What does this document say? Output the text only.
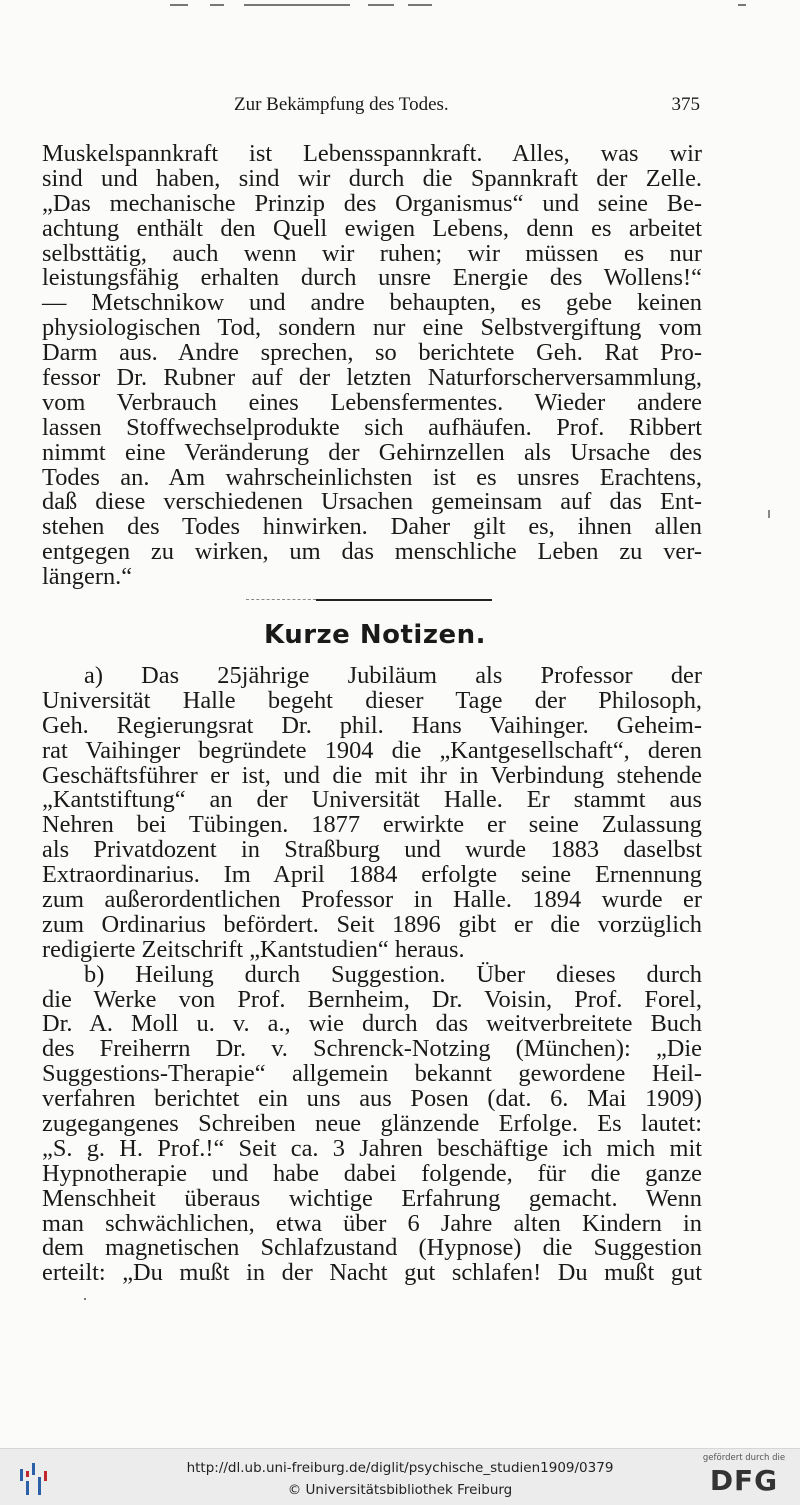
Zur Bekämpfung des Todes.	375
Muskelspannkraft ist Lebensspannkraft. Alles, was wir
sind und haben, sind wir durch die Spannkraft der Zelle.
„Das mechanische Prinzip des Organismus“ und seine Be-
achtung enthält den Quell ewigen Lebens, denn es arbeitet
selbsttätig, auch wenn wir ruhen; wir müssen es nur
leistungsfähig erhalten durch unsre Energie des Wollens!“
— Metschnikow und andre behaupten, es gebe keinen
physiologischen Tod, sondern nur eine Selbstvergiftung vom
Darm aus. Andre sprechen, so berichtete Geh. Rat Pro-
fessor Dr. Rubner auf der letzten Naturforscherversammlung,
vom Verbrauch eines Lebensfermentes. Wieder andere
lassen Stoffwechselprodukte sich aufhäufen. Prof. Ribbert
nimmt eine Veränderung der Gehirnzellen als Ursache des
Todes an. Am wahrscheinlichsten ist es unsres Erachtens,
daß diese verschiedenen Ursachen gemeinsam auf das Ent-
stehen des Todes hinwirken. Daher gilt es, ihnen allen
entgegen zu wirken, um das menschliche Leben zu ver-
längern.“
Kurze Notizen.
a) Das 25jährige Jubiläum als Professor der
Universität Halle begeht dieser Tage der Philosoph,
Geh. Regierungsrat Dr. phil. Hans Vaihinger. Geheim-
rat Vaihinger begründete 1904 die „Kantgesellschaft“, deren
Geschäftsführer er ist, und die mit ihr in Verbindung stehende
„Kantstiftung“ an der Universität Halle. Er stammt aus
Nehren bei Tübingen. 1877 erwirkte er seine Zulassung
als Privatdozent in Straßburg und wurde 1883 daselbst
Extraordinarius. Im April 1884 erfolgte seine Ernennung
zum außerordentlichen Professor in Halle. 1894 wurde er
zum Ordinarius befördert. Seit 1896 gibt er die vorzüglich
redigierte Zeitschrift „Kantstudien“ heraus.
b) Heilung durch Suggestion. Über dieses durch
die Werke von Prof. Bernheim, Dr. Voisin, Prof. Forel,
Dr. A. Moll u. v. a., wie durch das weitverbreitete Buch
des Freiherrn Dr. v. Schrenck-Notzing (München): „Die
Suggestions-Therapie“ allgemein bekannt gewordene Heil-
verfahren berichtet ein uns aus Posen (dat. 6. Mai 1909)
zugegangenes Schreiben neue glänzende Erfolge. Es lautet:
„S. g. H. Prof.!“ Seit ca. 3 Jahren beschäftige ich mich mit
Hypnotherapie und habe dabei folgende, für die ganze
Menschheit überaus wichtige Erfahrung gemacht. Wenn
man schwächlichen, etwa über 6 Jahre alten Kindern in
dem magnetischen Schlafzustand (Hypnose) die Suggestion
erteilt: „Du mußt in der Nacht gut schlafen! Du mußt gut
http://dl.ub.uni-freiburg.de/diglit/psychische_studien1909/0379
© Universitätsbibliothek Freiburg
gefördert durch die
DFG
